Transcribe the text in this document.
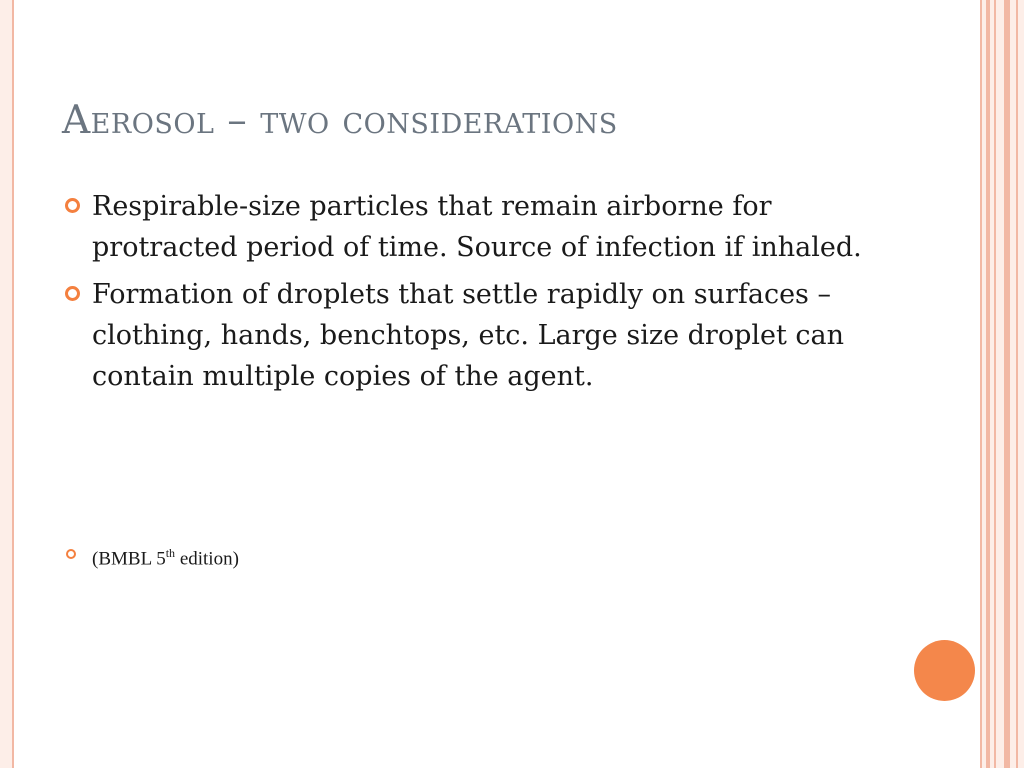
Aerosol – two considerations
Respirable-size particles that remain airborne for protracted period of time. Source of infection if inhaled.
Formation of droplets that settle rapidly on surfaces – clothing, hands, benchtops, etc. Large size droplet can contain multiple copies of the agent.
(BMBL 5th edition)
